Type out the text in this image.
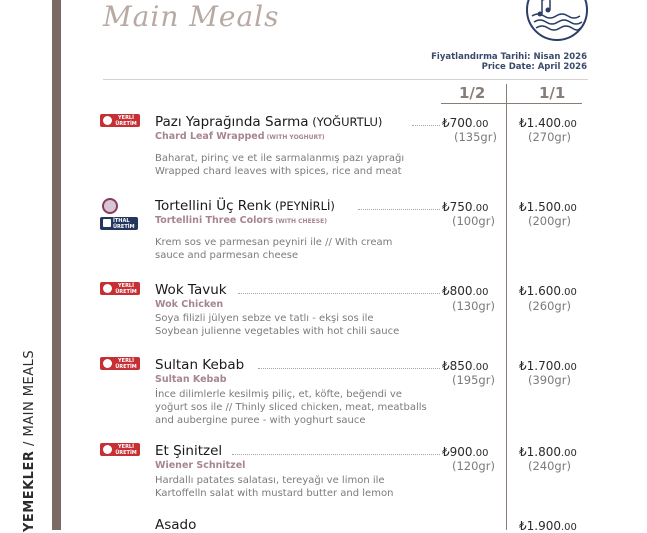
YEMEKLER / MAIN MEALS
Main Meals
Fiyatlandırma Tarihi: Nisan 2026
Price Date: April 2026
1/2	1/1
YERLİ ÜRETİM Pazı Yaprağında Sarma (YOĞURTLU)
Chard Leaf Wrapped (WITH YOGHURT)
Baharat, pirinç ve et ile sarmalanmış pazı yaprağı
Wrapped chard leaves with spices, rice and meat
₺700.00
(135gr)
₺1.400.00
(270gr)
İTHAL ÜRETİM
Tortellini Üç Renk (PEYNİRLİ)
Tortellini Three Colors (WITH CHEESE)
Krem sos ve parmesan peyniri ile // With cream
sauce and parmesan cheese
₺750.00
(100gr)
₺1.500.00
(200gr)
YERLİ ÜRETİM Wok Tavuk
Wok Chicken
Soya filizli jülyen sebze ve tatlı - ekşi sos ile
Soybean julienne vegetables with hot chili sauce
₺800.00
(130gr)
₺1.600.00
(260gr)
YERLİ ÜRETİM Sultan Kebab
Sultan Kebab
İnce dilimlerle kesilmiş piliç, et, köfte, beğendi ve
yoğurt sos ile // Thinly sliced chicken, meat, meatballs
and aubergine puree - with yoghurt sauce
₺850.00
(195gr)
₺1.700.00
(390gr)
YERLİ ÜRETİM Et Şinitzel
Wiener Schnitzel
Hardallı patates salatası, tereyağı ve limon ile
Kartoffelln salat with mustard butter and lemon
₺900.00
(120gr)
₺1.800.00
(240gr)
Asado	₺1.900.00
